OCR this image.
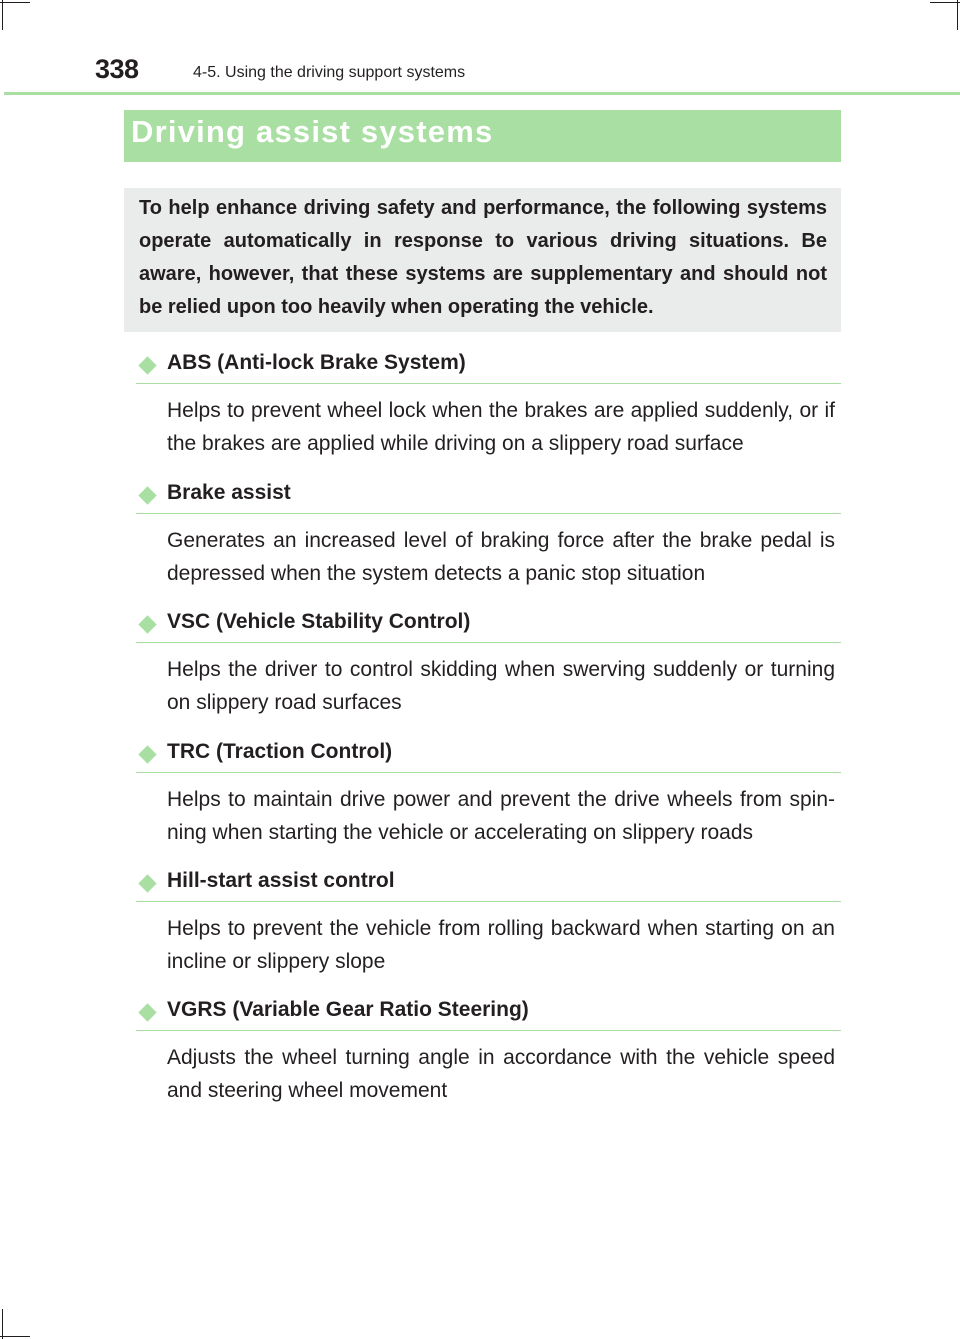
338	4-5. Using the driving support systems
Driving assist systems
To help enhance driving safety and performance, the following systems operate automatically in response to various driving situations. Be aware, however, that these systems are supplementary and should not be relied upon too heavily when operating the vehicle.
ABS (Anti-lock Brake System)
Helps to prevent wheel lock when the brakes are applied suddenly, or if the brakes are applied while driving on a slippery road surface
Brake assist
Generates an increased level of braking force after the brake pedal is depressed when the system detects a panic stop situation
VSC (Vehicle Stability Control)
Helps the driver to control skidding when swerving suddenly or turning on slippery road surfaces
TRC (Traction Control)
Helps to maintain drive power and prevent the drive wheels from spin-ning when starting the vehicle or accelerating on slippery roads
Hill-start assist control
Helps to prevent the vehicle from rolling backward when starting on an incline or slippery slope
VGRS (Variable Gear Ratio Steering)
Adjusts the wheel turning angle in accordance with the vehicle speed and steering wheel movement
